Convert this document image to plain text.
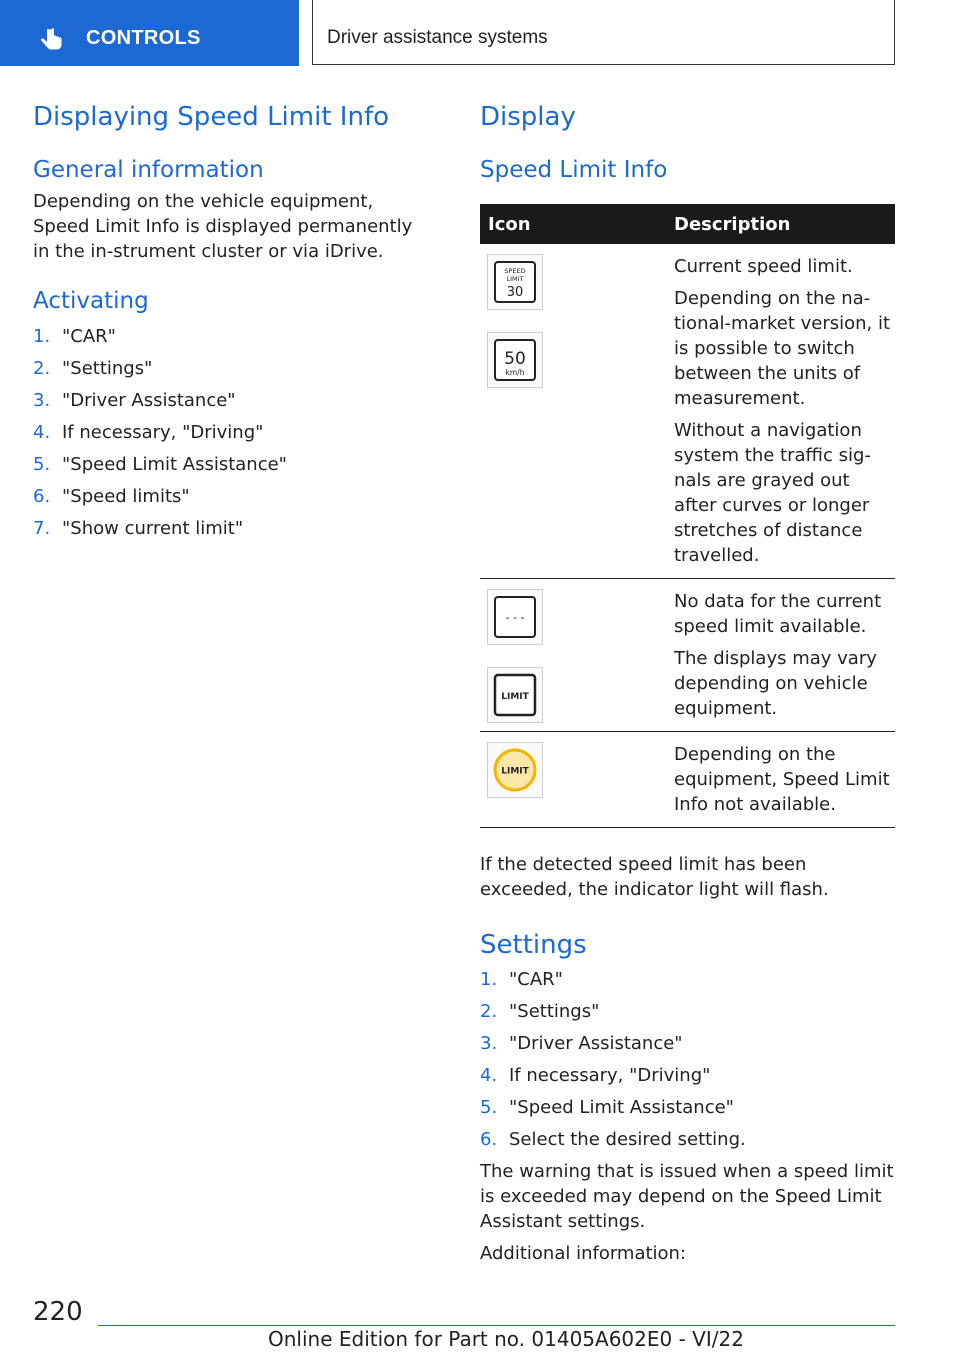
CONTROLS	Driver assistance systems
Displaying Speed Limit Info
General information

Depending on the vehicle equipment, Speed Limit Info is displayed permanently in the in-strument cluster or via iDrive.

Activating
1. "CAR"
2. "Settings"
3. "Driver Assistance"
4. If necessary, "Driving"
5. "Speed Limit Assistance"
6. "Speed limits"
7. "Show current limit"
Display
Speed Limit Info
Icon	Description
SPEED
LIMIT
30
50
km/h

Current speed limit.

Depending on the na-tional-market version, it is possible to switch between the units of measurement.

Without a navigation system the traffic sig-nals are grayed out after curves or longer stretches of distance travelled.

- - -
LIMIT

No data for the current speed limit available.

The displays may vary depending on vehicle equipment.

LIMIT

Depending on the equipment, Speed Limit Info not available.

If the detected speed limit has been exceeded, the indicator light will flash.

Settings
1. "CAR"
2. "Settings"
3. "Driver Assistance"
4. If necessary, "Driving"
5. "Speed Limit Assistance"
6. Select the desired setting.

The warning that is issued when a speed limit is exceeded may depend on the Speed Limit Assistant settings.

Additional information:

220
Online Edition for Part no. 01405A602E0 - VI/22
